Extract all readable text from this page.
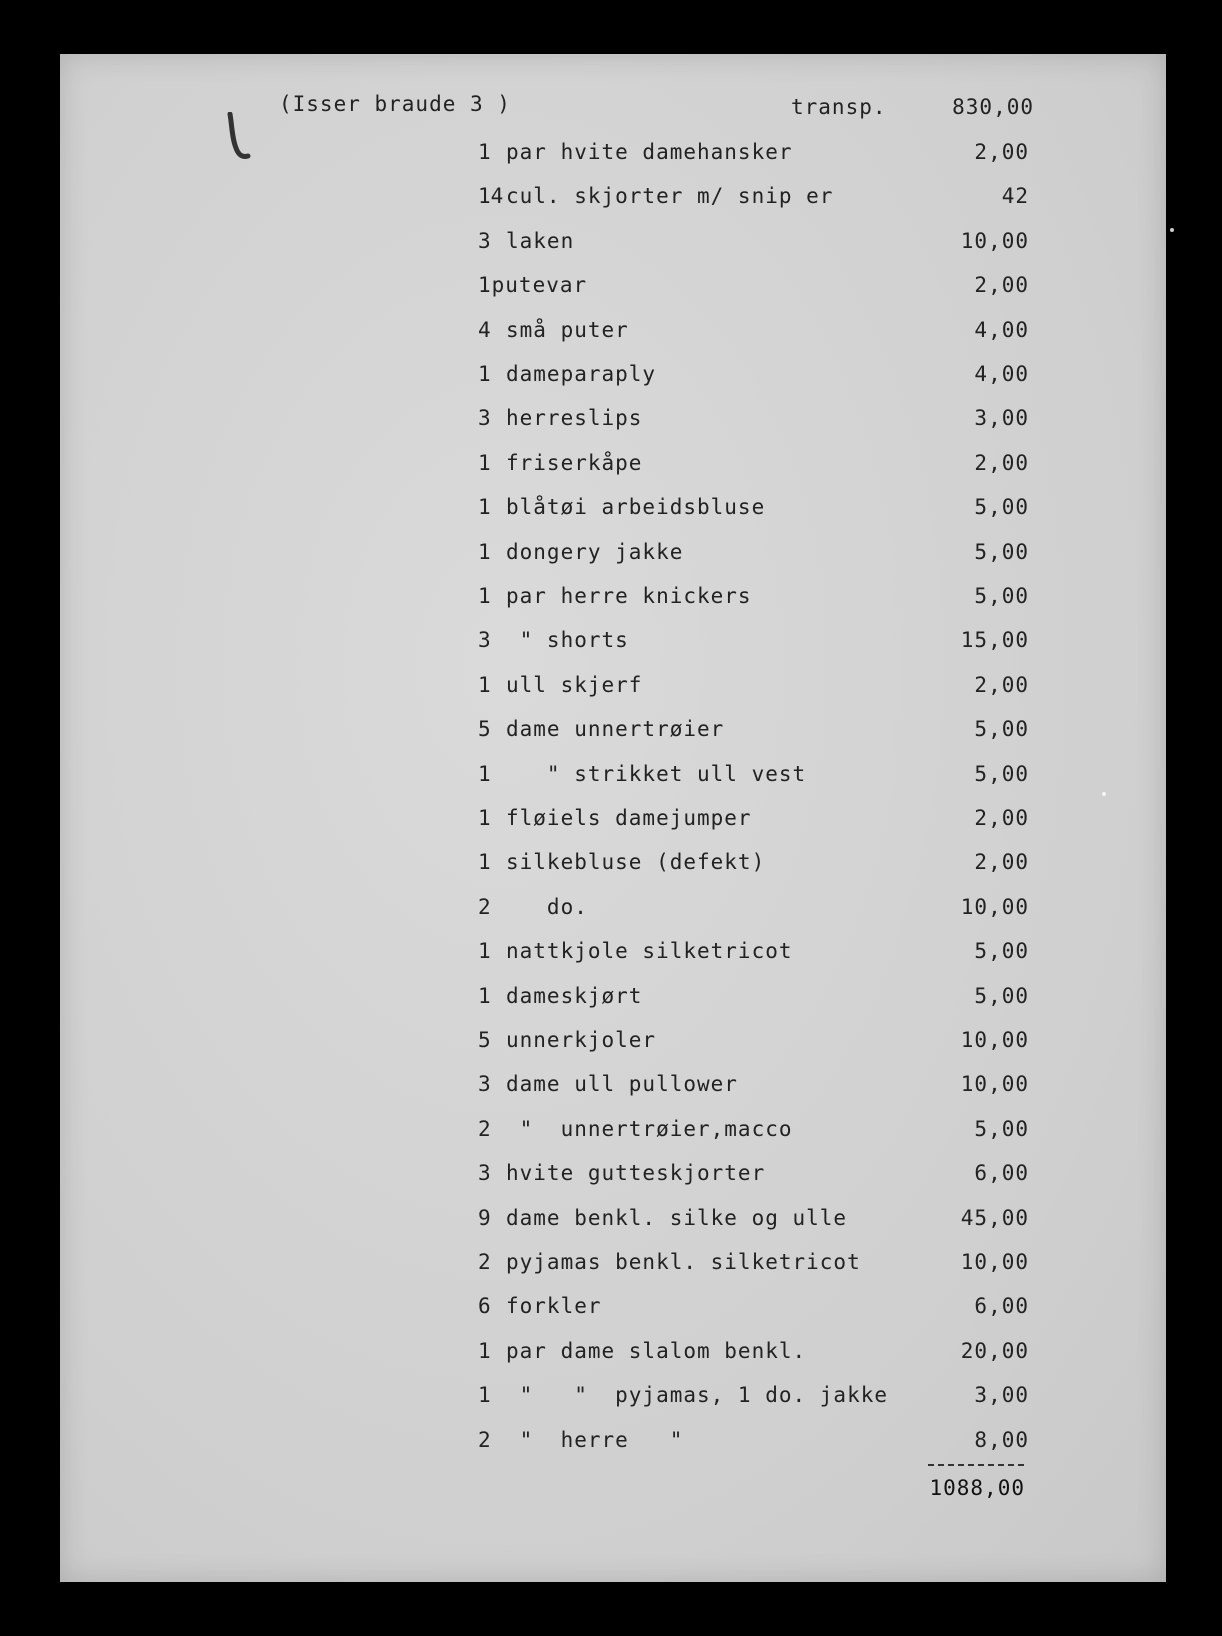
(Isser braude 3 )	transp.	830,00
1 par hvite damehansker	2,00
14 cul. skjorter m/ snip er	42
3 laken	10,00
1putevar	2,00
4 små puter	4,00
1 dameparaply	4,00
3 herreslips	3,00
1 friserkåpe	2,00
1 blåtøi arbeidsbluse	5,00
1 dongery jakke	5,00
1 par herre knickers	5,00
3 " shorts	15,00
1 ull skjerf	2,00
5 dame unnertrøier	5,00
1 " strikket ull vest	5,00
1 fløiels damejumper	2,00
1 silkebluse (defekt)	2,00
2 do.	10,00
1 nattkjole silketricot	5,00
1 dameskjørt	5,00
5 unnerkjoler	10,00
3 dame ull pullower	10,00
2 "  unnertrøier,macco	5,00
3 hvite gutteskjorter	6,00
9 dame benkl. silke og ulle	45,00
2 pyjamas benkl. silketricot	10,00
6 forkler	6,00
1 par dame slalom benkl.	20,00
1 "   "  pyjamas, 1 do. jakke	3,00
2 "  herre   "	8,00
1088,00
